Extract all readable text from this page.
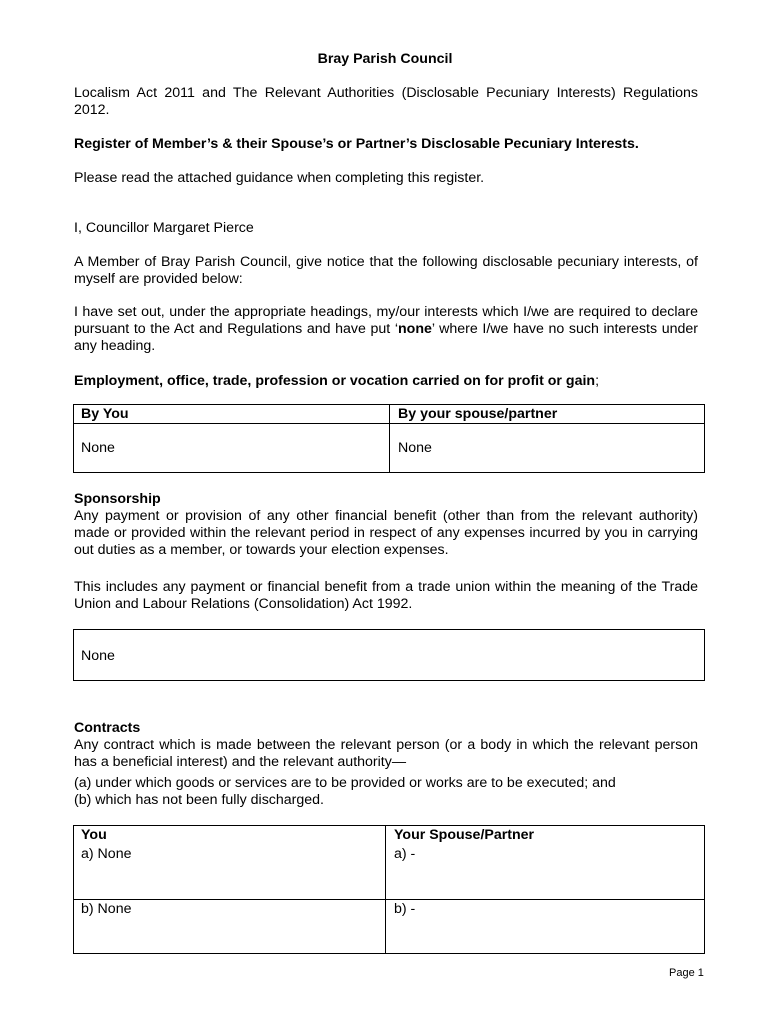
Bray Parish Council
Localism Act 2011 and The Relevant Authorities (Disclosable Pecuniary Interests) Regulations 2012.
Register of Member’s & their Spouse’s or Partner’s Disclosable Pecuniary Interests.
Please read the attached guidance when completing this register.
I, Councillor Margaret Pierce
A Member of Bray Parish Council, give notice that the following disclosable pecuniary interests, of myself are provided below:
I have set out, under the appropriate headings, my/our interests which I/we are required to declare pursuant to the Act and Regulations and have put ‘none’ where I/we have no such interests under any heading.
Employment, office, trade, profession or vocation carried on for profit or gain;
By You	By your spouse/partner
None	None
Sponsorship
Any payment or provision of any other financial benefit (other than from the relevant authority) made or provided within the relevant period in respect of any expenses incurred by you in carrying out duties as a member, or towards your election expenses.
This includes any payment or financial benefit from a trade union within the meaning of the Trade Union and Labour Relations (Consolidation) Act 1992.
None
Contracts
Any contract which is made between the relevant person (or a body in which the relevant person has a beneficial interest) and the relevant authority—
(a) under which goods or services are to be provided or works are to be executed; and
(b) which has not been fully discharged.
You	Your Spouse/Partner
a) None	a) -
b) None	b) -
Page 1
